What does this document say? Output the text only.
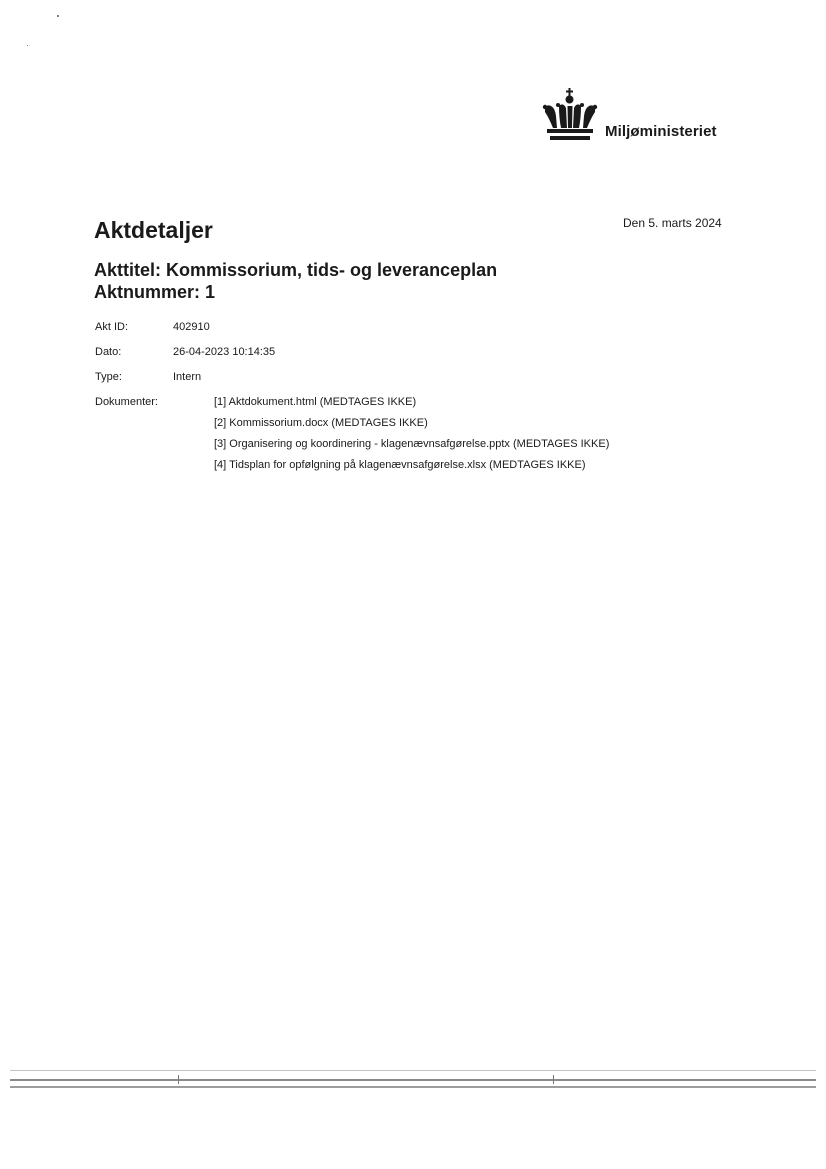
Miljøministeriet
Den 5. marts 2024
Aktdetaljer
Akttitel: Kommissorium, tids- og leveranceplan
Aktnummer: 1
Akt ID:	402910
Dato:	26-04-2023 10:14:35
Type:	Intern
Dokumenter:	[1] Aktdokument.html (MEDTAGES IKKE)
[2] Kommissorium.docx (MEDTAGES IKKE)
[3] Organisering og koordinering - klagenævnsafgørelse.pptx (MEDTAGES IKKE)
[4] Tidsplan for opfølgning på klagenævnsafgørelse.xlsx (MEDTAGES IKKE)
